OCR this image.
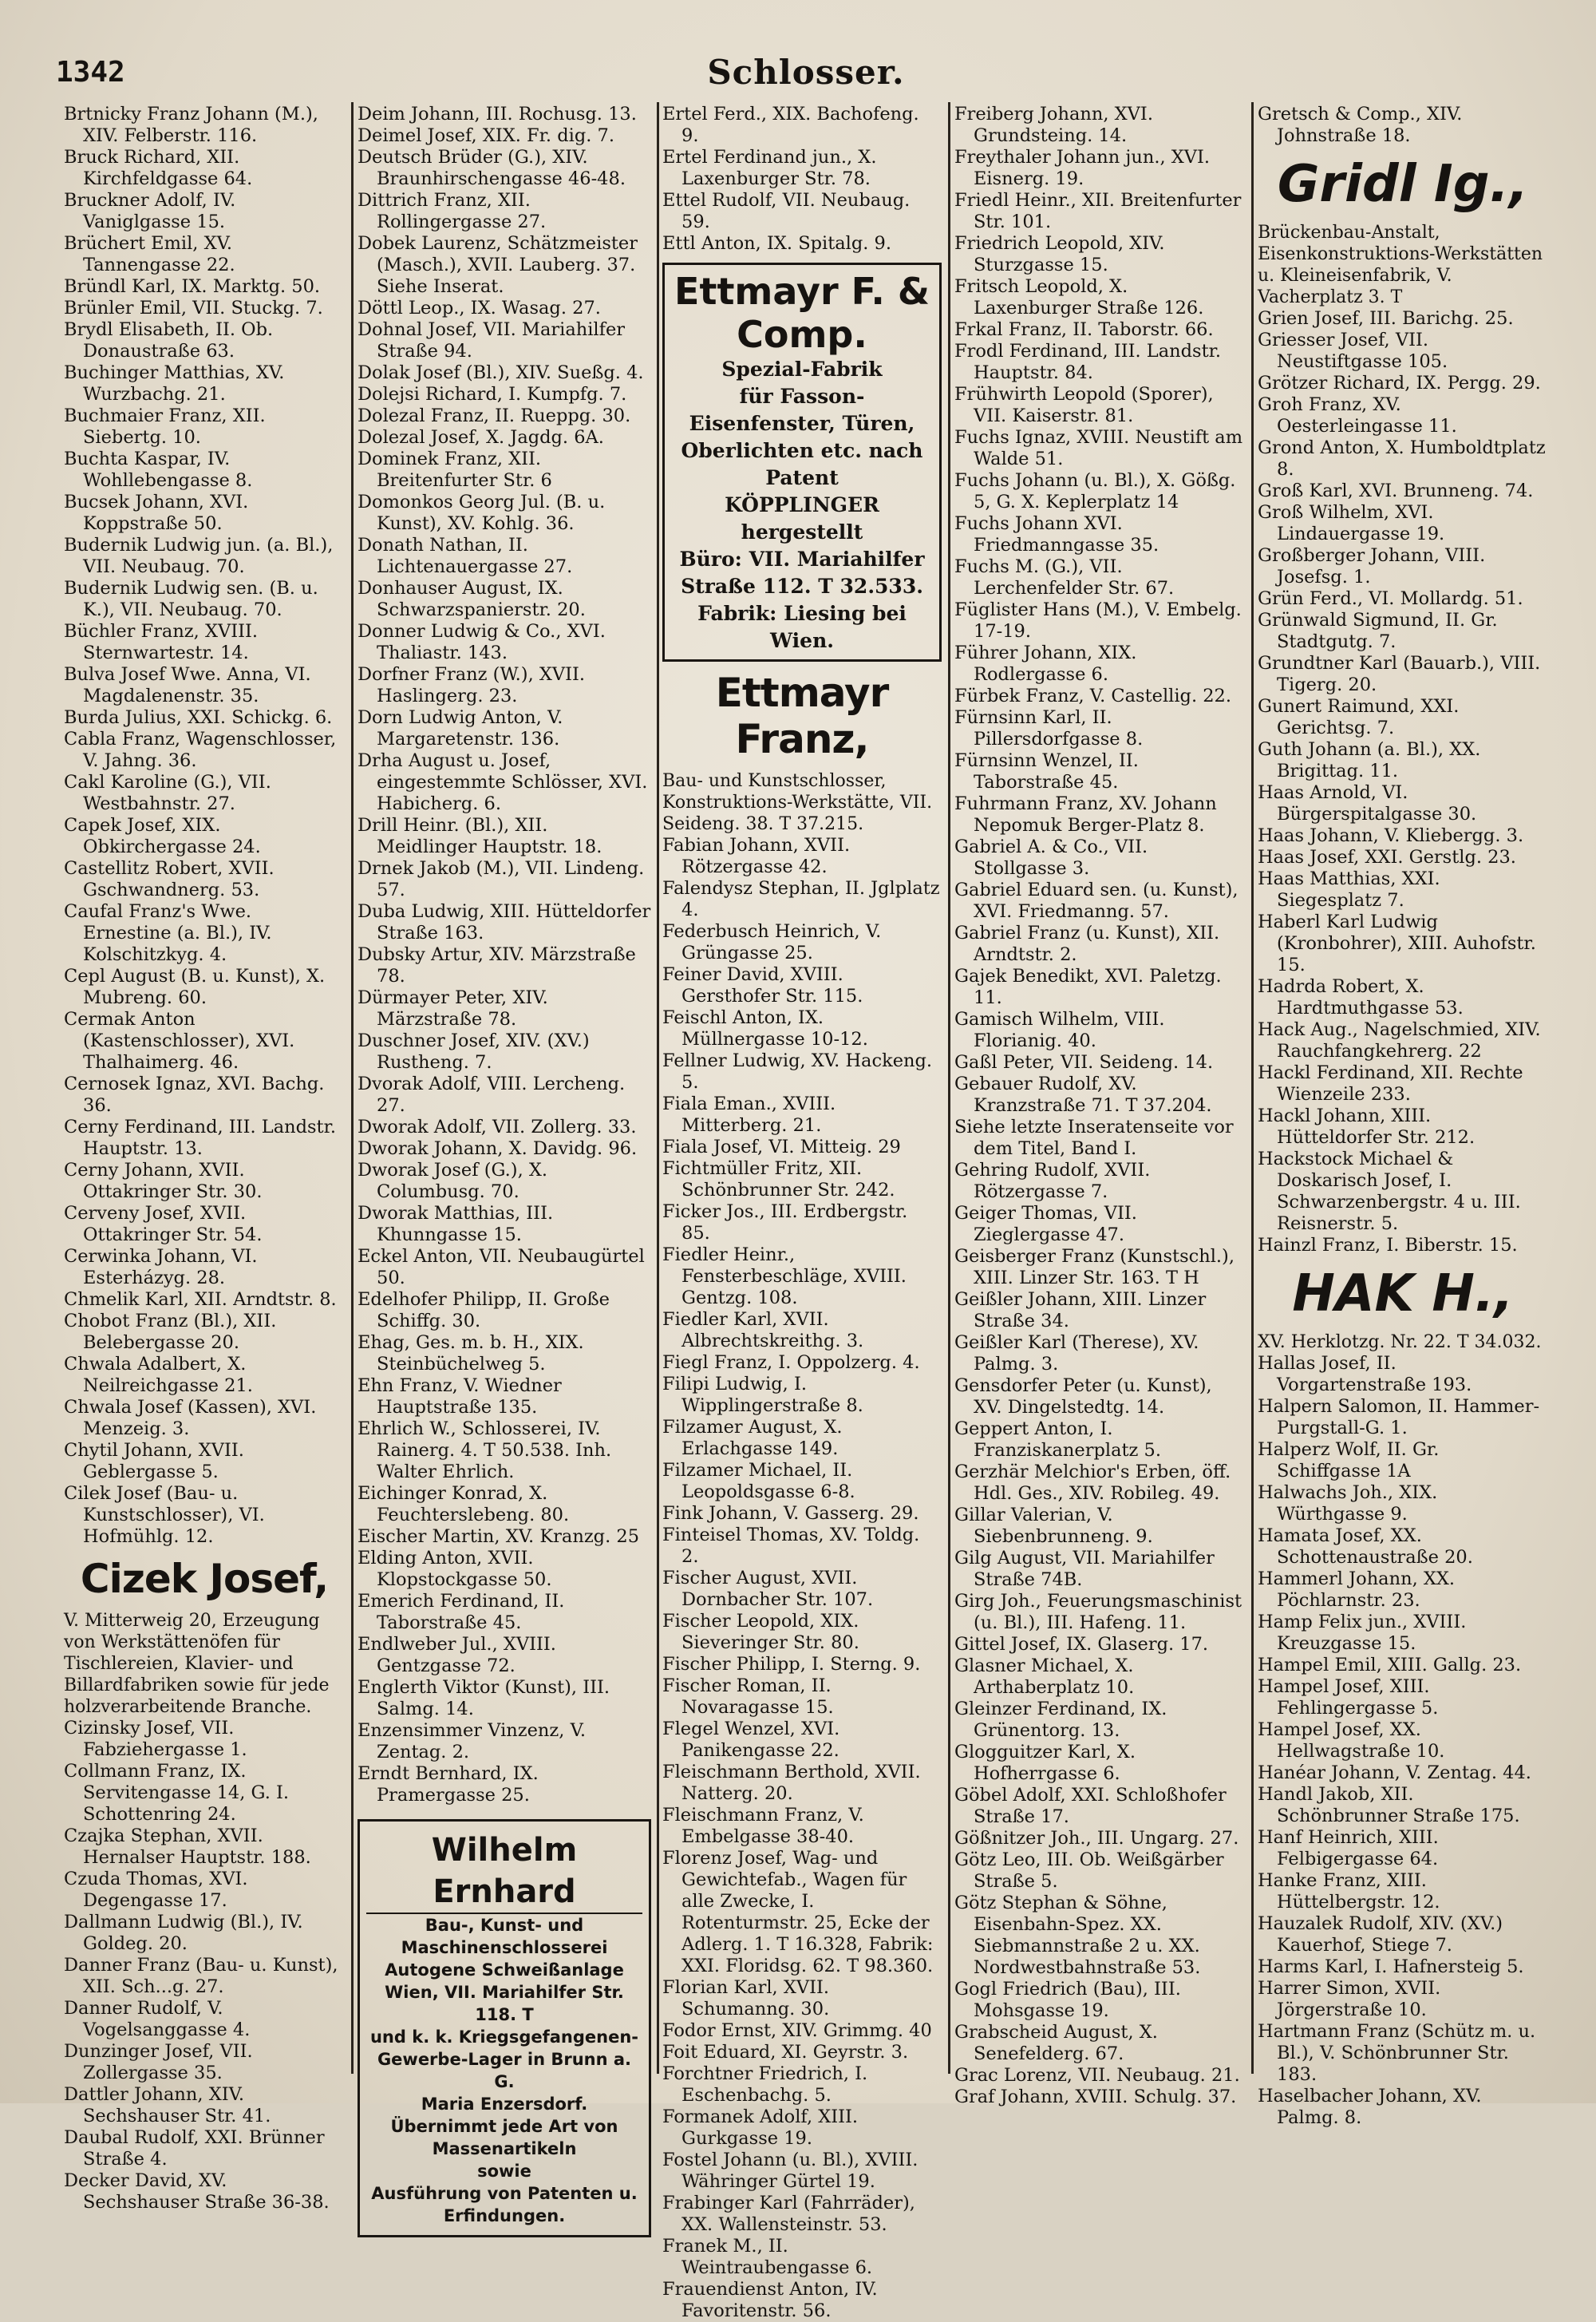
1342	Schlosser.

Brtnicky Franz Johann (M.), XIV. Felberstr. 116.

Bruck Richard, XII. Kirchfeldgasse 64.

Bruckner Adolf, IV. Vaniglgasse 15.

Brüchert Emil, XV. Tannengasse 22.

Bründl Karl, IX. Marktg. 50.

Brünler Emil, VII. Stuckg. 7.

Brydl Elisabeth, II. Ob. Donaustraße 63.

Buchinger Matthias, XV. Wurzbachg. 21.

Buchmaier Franz, XII. Siebertg. 10.

Buchta Kaspar, IV. Wohllebengasse 8.

Bucsek Johann, XVI. Koppstraße 50.

Budernik Ludwig jun. (a. Bl.), VII. Neubaug. 70.

Budernik Ludwig sen. (B. u. K.), VII. Neubaug. 70.

Büchler Franz, XVIII. Sternwartestr. 14.

Bulva Josef Wwe. Anna, VI. Magdalenenstr. 35.

Burda Julius, XXI. Schickg. 6.

Cabla Franz, Wagenschlosser, V. Jahng. 36.

Cakl Karoline (G.), VII. Westbahnstr. 27.

Capek Josef, XIX. Obkirchergasse 24.

Castellitz Robert, XVII. Gschwandnerg. 53.

Caufal Franz's Wwe. Ernestine (a. Bl.), IV. Kolschitzkyg. 4.

Cepl August (B. u. Kunst), X. Mubreng. 60.

Cermak Anton (Kastenschlosser), XVI. Thalhaimerg. 46.

Cernosek Ignaz, XVI. Bachg. 36.

Cerny Ferdinand, III. Landstr. Hauptstr. 13.

Cerny Johann, XVII. Ottakringer Str. 30.

Cerveny Josef, XVII. Ottakringer Str. 54.

Cerwinka Johann, VI. Esterházyg. 28.

Chmelik Karl, XII. Arndtstr. 8.

Chobot Franz (Bl.), XII. Belebergasse 20.

Chwala Adalbert, X. Neilreichgasse 21.

Chwala Josef (Kassen), XVI. Menzeig. 3.

Chytil Johann, XVII. Geblergasse 5.

Cilek Josef (Bau- u. Kunstschlosser), VI. Hofmühlg. 12.

Cizek Josef,
V. Mitterweig 20, Erzeugung von Werkstättenöfen für Tischlereien, Klavier- und Billardfabriken sowie für jede holzverarbeitende Branche.

Cizinsky Josef, VII. Fabziehergasse 1.

Collmann Franz, IX. Servitengasse 14, G. I. Schottenring 24.

Czajka Stephan, XVII. Hernalser Hauptstr. 188.

Czuda Thomas, XVI. Degengasse 17.

Dallmann Ludwig (Bl.), IV. Goldeg. 20.

Danner Franz (Bau- u. Kunst), XII. Sch...g. 27.

Danner Rudolf, V. Vogelsanggasse 4.

Dunzinger Josef, VII. Zollergasse 35.

Dattler Johann, XIV. Sechshauser Str. 41.

Daubal Rudolf, XXI. Brünner Straße 4.

Decker David, XV. Sechshauser Straße 36-38.

Deim Johann, III. Rochusg. 13.

Deimel Josef, XIX. Fr. dig. 7.

Deutsch Brüder (G.), XIV. Braunhirschengasse 46-48.

Dittrich Franz, XII. Rollingergasse 27.

Dobek Laurenz, Schätzmeister (Masch.), XVII. Lauberg. 37. Siehe Inserat.

Döttl Leop., IX. Wasag. 27.

Dohnal Josef, VII. Mariahilfer Straße 94.

Dolak Josef (Bl.), XIV. Sueßg. 4.

Dolejsi Richard, I. Kumpfg. 7.

Dolezal Franz, II. Rueppg. 30.

Dolezal Josef, X. Jagdg. 6A.

Dominek Franz, XII. Breitenfurter Str. 6

Domonkos Georg Jul. (B. u. Kunst), XV. Kohlg. 36.

Donath Nathan, II. Lichtenauergasse 27.

Donhauser August, IX. Schwarzspanierstr. 20.

Donner Ludwig & Co., XVI. Thaliastr. 143.

Dorfner Franz (W.), XVII. Haslingerg. 23.

Dorn Ludwig Anton, V. Margaretenstr. 136.

Drha August u. Josef, eingestemmte Schlösser, XVI. Habicherg. 6.

Drill Heinr. (Bl.), XII. Meidlinger Hauptstr. 18.

Drnek Jakob (M.), VII. Lindeng. 57.

Duba Ludwig, XIII. Hütteldorfer Straße 163.

Dubsky Artur, XIV. Märzstraße 78.

Dürmayer Peter, XIV. Märzstraße 78.

Duschner Josef, XIV. (XV.) Rustheng. 7.

Dvorak Adolf, VIII. Lercheng. 27.

Dworak Adolf, VII. Zollerg. 33.

Dworak Johann, X. Davidg. 96.

Dworak Josef (G.), X. Columbusg. 70.

Dworak Matthias, III. Khunngasse 15.

Eckel Anton, VII. Neubaugürtel 50.

Edelhofer Philipp, II. Große Schiffg. 30.

Ehag, Ges. m. b. H., XIX. Steinbüchelweg 5.

Ehn Franz, V. Wiedner Hauptstraße 135.

Ehrlich W., Schlosserei, IV. Rainerg. 4. T 50.538. Inh. Walter Ehrlich.

Eichinger Konrad, X. Feuchterslebeng. 80.

Eischer Martin, XV. Kranzg. 25

Elding Anton, XVII. Klopstockgasse 50.

Emerich Ferdinand, II. Taborstraße 45.

Endlweber Jul., XVIII. Gentzgasse 72.

Englerth Viktor (Kunst), III. Salmg. 14.

Enzensimmer Vinzenz, V. Zentag. 2.

Erndt Bernhard, IX. Pramergasse 25.

Wilhelm Ernhard
Bau-, Kunst- und Maschinenschlosserei
Autogene Schweißanlage
Wien, VII. Mariahilfer Str. 118. T
und k. k. Kriegsgefangenen-
Gewerbe-Lager in Brunn a. G.
Maria Enzersdorf.
Übernimmt jede Art von Massenartikeln
sowie
Ausführung von Patenten u. Erfindungen.

Ertel Ferd., XIX. Bachofeng. 9.

Ertel Ferdinand jun., X. Laxenburger Str. 78.

Ettel Rudolf, VII. Neubaug. 59.

Ettl Anton, IX. Spitalg. 9.

Ettmayr F. & Comp.
Spezial-Fabrik
für Fasson-Eisenfenster, Türen,
Oberlichten etc. nach Patent
KÖPPLINGER hergestellt
Büro: VII. Mariahilfer
Straße 112. T 32.533.
Fabrik: Liesing bei Wien.
Ettmayr Franz,
Bau- und Kunstschlosser, Konstruktions-Werkstätte, VII. Seideng. 38. T 37.215.

Fabian Johann, XVII. Rötzergasse 42.

Falendysz Stephan, II. Jglplatz 4.

Federbusch Heinrich, V. Grüngasse 25.

Feiner David, XVIII. Gersthofer Str. 115.

Feischl Anton, IX. Müllnergasse 10-12.

Fellner Ludwig, XV. Hackeng. 5.

Fiala Eman., XVIII. Mitterberg. 21.

Fiala Josef, VI. Mitteig. 29

Fichtmüller Fritz, XII. Schönbrunner Str. 242.

Ficker Jos., III. Erdbergstr. 85.

Fiedler Heinr., Fensterbeschläge, XVIII. Gentzg. 108.

Fiedler Karl, XVII. Albrechtskreithg. 3.

Fiegl Franz, I. Oppolzerg. 4.

Filipi Ludwig, I. Wipplingerstraße 8.

Filzamer August, X. Erlachgasse 149.

Filzamer Michael, II. Leopoldsgasse 6-8.

Fink Johann, V. Gasserg. 29.

Finteisel Thomas, XV. Toldg. 2.

Fischer August, XVII. Dornbacher Str. 107.

Fischer Leopold, XIX. Sieveringer Str. 80.

Fischer Philipp, I. Sterng. 9.

Fischer Roman, II. Novaragasse 15.

Flegel Wenzel, XVI. Panikengasse 22.

Fleischmann Berthold, XVII. Natterg. 20.

Fleischmann Franz, V. Embelgasse 38-40.

Florenz Josef, Wag- und Gewichtefab., Wagen für alle Zwecke, I. Rotenturmstr. 25, Ecke der Adlerg. 1. T 16.328, Fabrik: XXI. Floridsg. 62. T 98.360.

Florian Karl, XVII. Schumanng. 30.

Fodor Ernst, XIV. Grimmg. 40

Foit Eduard, XI. Geyrstr. 3.

Forchtner Friedrich, I. Eschenbachg. 5.

Formanek Adolf, XIII. Gurkgasse 19.

Fostel Johann (u. Bl.), XVIII. Währinger Gürtel 19.

Frabinger Karl (Fahrräder), XX. Wallensteinstr. 53.

Franek M., II. Weintraubengasse 6.

Frauendienst Anton, IV. Favoritenstr. 56.

Freiberg Johann, XVI. Grundsteing. 14.

Freythaler Johann jun., XVI. Eisnerg. 19.

Friedl Heinr., XII. Breitenfurter Str. 101.

Friedrich Leopold, XIV. Sturzgasse 15.

Fritsch Leopold, X. Laxenburger Straße 126.

Frkal Franz, II. Taborstr. 66.

Frodl Ferdinand, III. Landstr. Hauptstr. 84.

Frühwirth Leopold (Sporer), VII. Kaiserstr. 81.

Fuchs Ignaz, XVIII. Neustift am Walde 51.

Fuchs Johann (u. Bl.), X. Gößg. 5, G. X. Keplerplatz 14

Fuchs Johann XVI. Friedmanngasse 35.

Fuchs M. (G.), VII. Lerchenfelder Str. 67.

Füglister Hans (M.), V. Embelg. 17-19.

Führer Johann, XIX. Rodlergasse 6.

Fürbek Franz, V. Castellig. 22.

Fürnsinn Karl, II. Pillersdorfgasse 8.

Fürnsinn Wenzel, II. Taborstraße 45.

Fuhrmann Franz, XV. Johann Nepomuk Berger-Platz 8.

Gabriel A. & Co., VII. Stollgasse 3.

Gabriel Eduard sen. (u. Kunst), XVI. Friedmanng. 57.

Gabriel Franz (u. Kunst), XII. Arndtstr. 2.

Gajek Benedikt, XVI. Paletzg. 11.

Gamisch Wilhelm, VIII. Florianig. 40.

Gaßl Peter, VII. Seideng. 14.

Gebauer Rudolf, XV. Kranzstraße 71. T 37.204.

Siehe letzte Inseratenseite vor dem Titel, Band I.

Gehring Rudolf, XVII. Rötzergasse 7.

Geiger Thomas, VII. Zieglergasse 47.

Geisberger Franz (Kunstschl.), XIII. Linzer Str. 163. T H

Geißler Johann, XIII. Linzer Straße 34.

Geißler Karl (Therese), XV. Palmg. 3.

Gensdorfer Peter (u. Kunst), XV. Dingelstedtg. 14.

Geppert Anton, I. Franziskanerplatz 5.

Gerzhär Melchior's Erben, öff. Hdl. Ges., XIV. Robileg. 49.

Gillar Valerian, V. Siebenbrunneng. 9.

Gilg August, VII. Mariahilfer Straße 74B.

Girg Joh., Feuerungsmaschinist (u. Bl.), III. Hafeng. 11.

Gittel Josef, IX. Glaserg. 17.

Glasner Michael, X. Arthaberplatz 10.

Gleinzer Ferdinand, IX. Grünentorg. 13.

Glogguitzer Karl, X. Hofherrgasse 6.

Göbel Adolf, XXI. Schloßhofer Straße 17.

Gößnitzer Joh., III. Ungarg. 27.

Götz Leo, III. Ob. Weißgärber Straße 5.

Götz Stephan & Söhne, Eisenbahn-Spez. XX. Siebmannstraße 2 u. XX. Nordwestbahnstraße 53.

Gogl Friedrich (Bau), III. Mohsgasse 19.

Grabscheid August, X. Senefelderg. 67.

Grac Lorenz, VII. Neubaug. 21.

Graf Johann, XVIII. Schulg. 37.

Gretsch & Comp., XIV. Johnstraße 18.

Gridl Ig.,
Brückenbau-Anstalt, Eisenkonstruktions-Werkstätten u. Kleineisenfabrik, V. Vacherplatz 3. T

Grien Josef, III. Barichg. 25.

Griesser Josef, VII. Neustiftgasse 105.

Grötzer Richard, IX. Pergg. 29.

Groh Franz, XV. Oesterleingasse 11.

Grond Anton, X. Humboldtplatz 8.

Groß Karl, XVI. Brunneng. 74.

Groß Wilhelm, XVI. Lindauergasse 19.

Großberger Johann, VIII. Josefsg. 1.

Grün Ferd., VI. Mollardg. 51.

Grünwald Sigmund, II. Gr. Stadtgutg. 7.

Grundtner Karl (Bauarb.), VIII. Tigerg. 20.

Gunert Raimund, XXI. Gerichtsg. 7.

Guth Johann (a. Bl.), XX. Brigittag. 11.

Haas Arnold, VI. Bürgerspitalgasse 30.

Haas Johann, V. Kliebergg. 3.

Haas Josef, XXI. Gerstlg. 23.

Haas Matthias, XXI. Siegesplatz 7.

Haberl Karl Ludwig (Kronbohrer), XIII. Auhofstr. 15.

Hadrda Robert, X. Hardtmuthgasse 53.

Hack Aug., Nagelschmied, XIV. Rauchfangkehrerg. 22

Hackl Ferdinand, XII. Rechte Wienzeile 233.

Hackl Johann, XIII. Hütteldorfer Str. 212.

Hackstock Michael & Doskarisch Josef, I. Schwarzenbergstr. 4 u. III. Reisnerstr. 5.

Hainzl Franz, I. Biberstr. 15.

HAK H.,
XV. Herklotzg. Nr. 22. T 34.032.

Hallas Josef, II. Vorgartenstraße 193.

Halpern Salomon, II. Hammer-Purgstall-G. 1.

Halperz Wolf, II. Gr. Schiffgasse 1A

Halwachs Joh., XIX. Würthgasse 9.

Hamata Josef, XX. Schottenaustraße 20.

Hammerl Johann, XX. Pöchlarnstr. 23.

Hamp Felix jun., XVIII. Kreuzgasse 15.

Hampel Emil, XIII. Gallg. 23.

Hampel Josef, XIII. Fehlingergasse 5.

Hampel Josef, XX. Hellwagstraße 10.

Hanéar Johann, V. Zentag. 44.

Handl Jakob, XII. Schönbrunner Straße 175.

Hanf Heinrich, XIII. Felbigergasse 64.

Hanke Franz, XIII. Hüttelbergstr. 12.

Hauzalek Rudolf, XIV. (XV.) Kauerhof, Stiege 7.

Harms Karl, I. Hafnersteig 5.

Harrer Simon, XVII. Jörgerstraße 10.

Hartmann Franz (Schütz m. u. Bl.), V. Schönbrunner Str. 183.

Haselbacher Johann, XV. Palmg. 8.
